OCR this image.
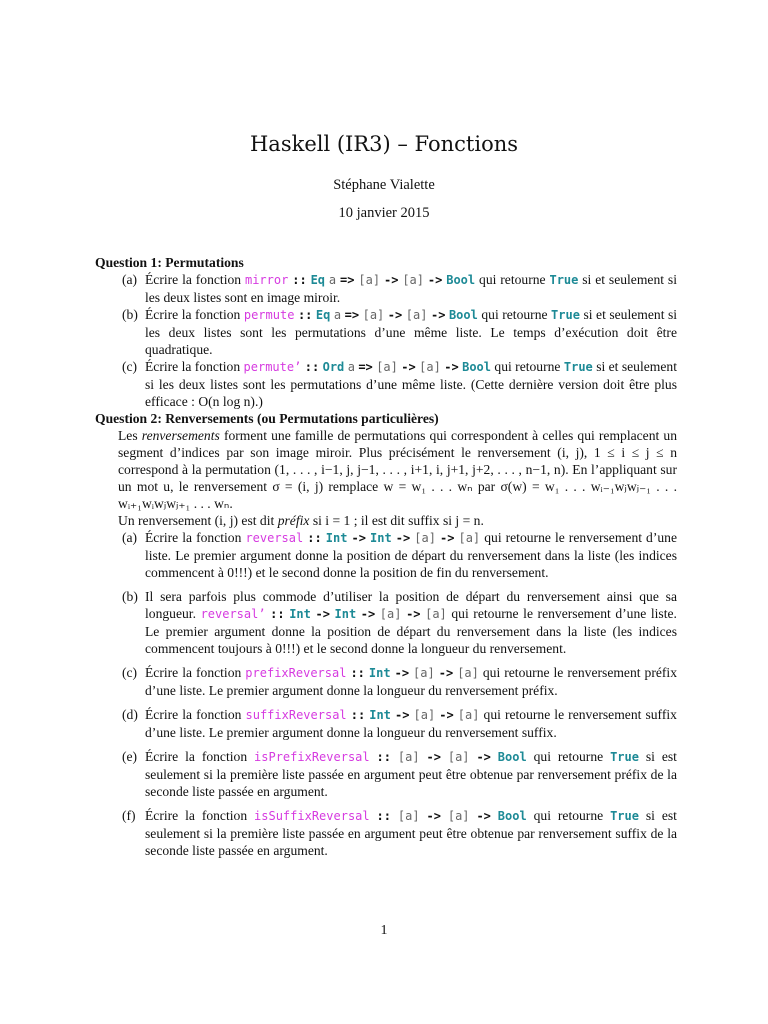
Haskell (IR3) – Fonctions
Stéphane Vialette
10 janvier 2015
Question 1: Permutations
(a) Écrire la fonction mirror :: Eq a => [a] -> [a] -> Bool qui retourne True si et seulement si les deux listes sont en image miroir.
(b) Écrire la fonction permute :: Eq a => [a] -> [a] -> Bool qui retourne True si et seulement si les deux listes sont les permutations d’une même liste. Le temps d’exécution doit être quadratique.
(c) Écrire la fonction permute’ :: Ord a => [a] -> [a] -> Bool qui retourne True si et seulement si les deux listes sont les permutations d’une même liste. (Cette dernière version doit être plus efficace : O(n log n).)
Question 2: Renversements (ou Permutations particulières)
Les renversements forment une famille de permutations qui correspondent à celles qui remplacent un segment d’indices par son image miroir. Plus précisément le renversement (i, j), 1 ≤ i ≤ j ≤ n correspond à la permutation (1, . . . , i−1, j, j−1, . . . , i+1, i, j+1, j+2, . . . , n−1, n). En l’appliquant sur un mot u, le renversement σ = (i, j) remplace w = w₁ . . . wₙ par σ(w) = w₁ . . . wᵢ₋₁wⱼwⱼ₋₁ . . . wᵢ₊₁wᵢwⱼwⱼ₊₁ . . . wₙ.
Un renversement (i, j) est dit préfix si i = 1 ; il est dit suffix si j = n.
(a) Écrire la fonction reversal :: Int -> Int -> [a] -> [a] qui retourne le renversement d’une liste. Le premier argument donne la position de départ du renversement dans la liste (les indices commencent à 0!!!) et le second donne la position de fin du renversement.
(b) Il sera parfois plus commode d’utiliser la position de départ du renversement ainsi que sa longueur. reversal’ :: Int -> Int -> [a] -> [a] qui retourne le renversement d’une liste. Le premier argument donne la position de départ du renversement dans la liste (les indices commencent toujours à 0!!!) et le second donne la longueur du renversement.
(c) Écrire la fonction prefixReversal :: Int -> [a] -> [a] qui retourne le renversement préfix d’une liste. Le premier argument donne la longueur du renversement préfix.
(d) Écrire la fonction suffixReversal :: Int -> [a] -> [a] qui retourne le renversement suffix d’une liste. Le premier argument donne la longueur du renversement suffix.
(e) Écrire la fonction isPrefixReversal :: [a] -> [a] -> Bool qui retourne True si est seulement si la première liste passée en argument peut être obtenue par renversement préfix de la seconde liste passée en argument.
(f) Écrire la fonction isSuffixReversal :: [a] -> [a] -> Bool qui retourne True si est seulement si la première liste passée en argument peut être obtenue par renversement suffix de la seconde liste passée en argument.
1
